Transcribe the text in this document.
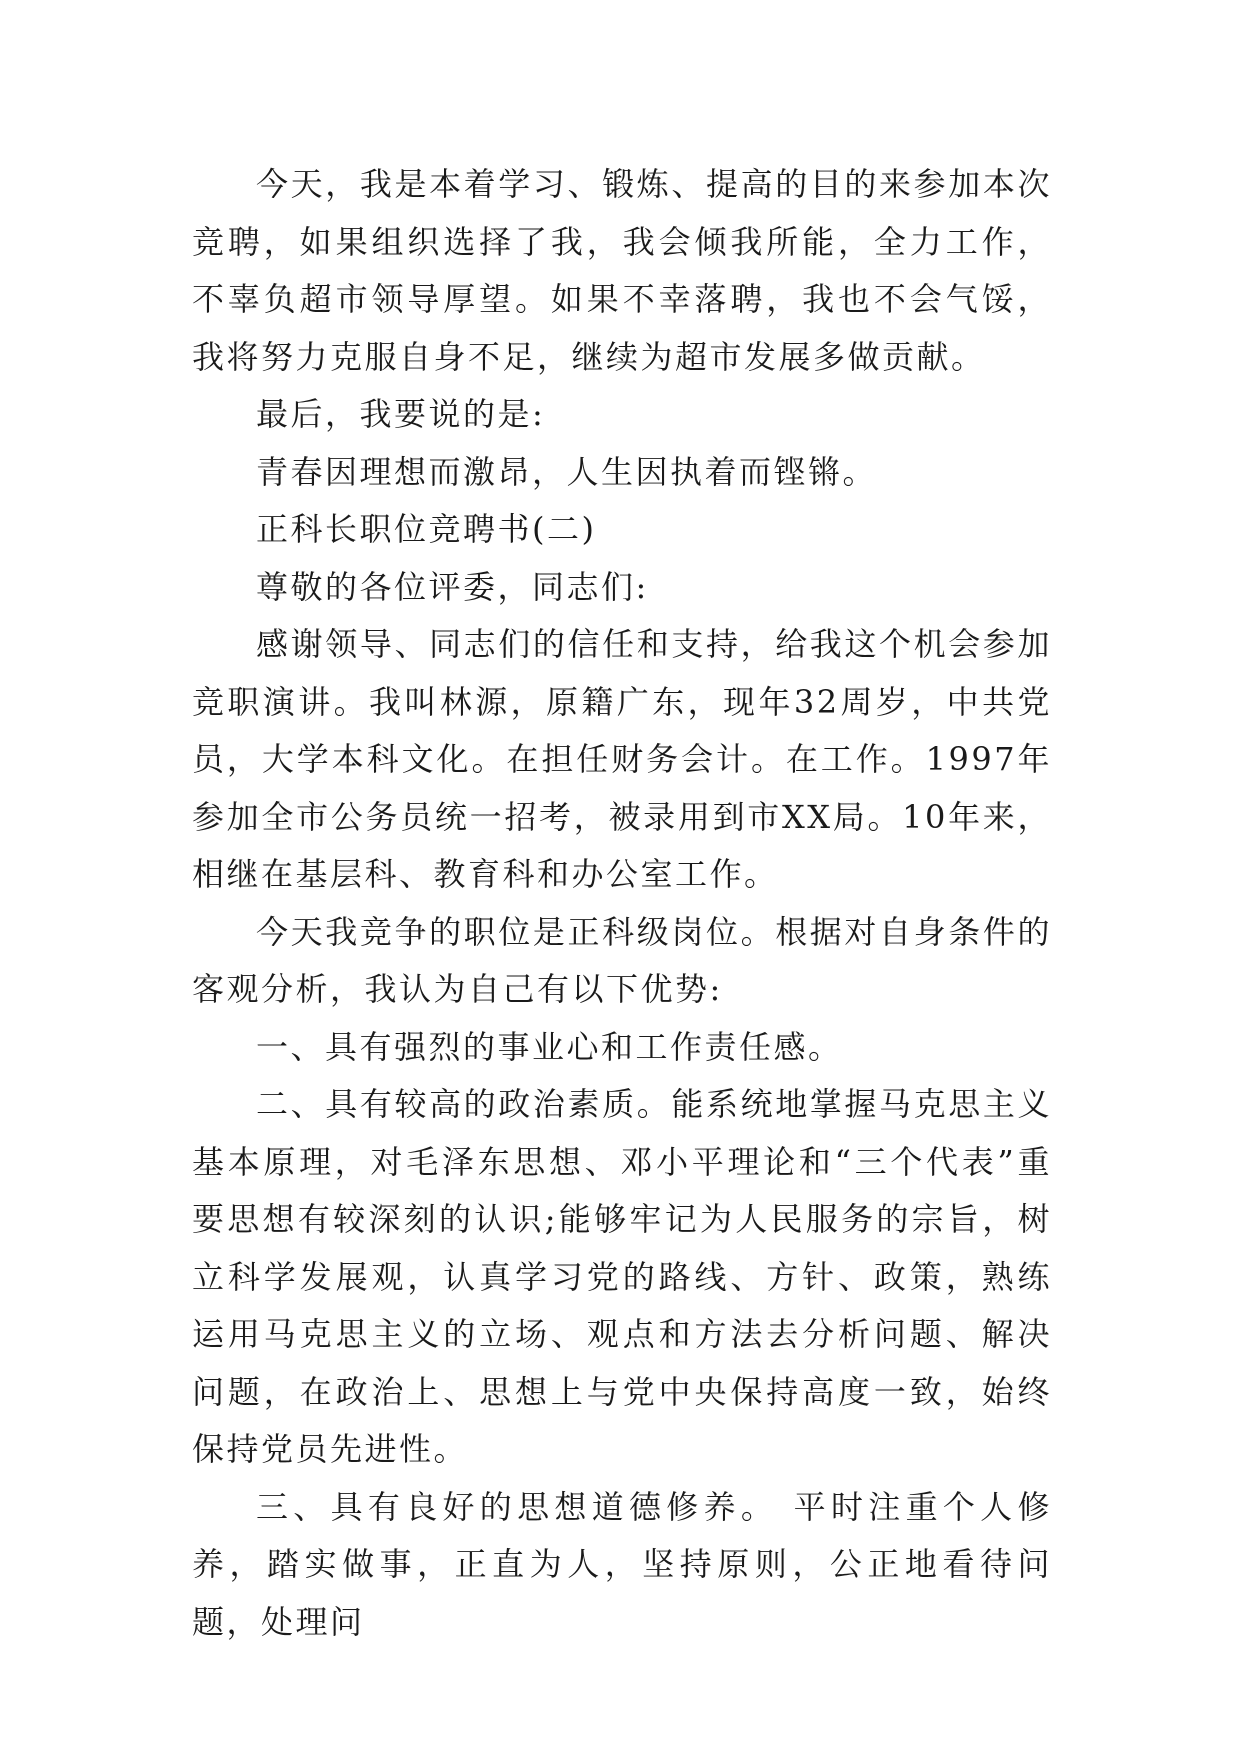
今天，我是本着学习、锻炼、提高的目的来参加本次竞聘，如果组织选择了我，我会倾我所能，全力工作，不辜负超市领导厚望。如果不幸落聘，我也不会气馁，我将努力克服自身不足，继续为超市发展多做贡献。

最后，我要说的是:

青春因理想而激昂，人生因执着而铿锵。

正科长职位竞聘书(二)

尊敬的各位评委，同志们:

感谢领导、同志们的信任和支持，给我这个机会参加竞职演讲。我叫林源，原籍广东，现年32周岁，中共党员，大学本科文化。在担任财务会计。在工作。1997年参加全市公务员统一招考，被录用到市XX局。10年来，相继在基层科、教育科和办公室工作。

今天我竞争的职位是正科级岗位。根据对自身条件的客观分析，我认为自己有以下优势:

一、具有强烈的事业心和工作责任感。

二、具有较高的政治素质。能系统地掌握马克思主义基本原理，对毛泽东思想、邓小平理论和“三个代表”重要思想有较深刻的认识;能够牢记为人民服务的宗旨，树立科学发展观，认真学习党的路线、方针、政策，熟练运用马克思主义的立场、观点和方法去分析问题、解决问题，在政治上、思想上与党中央保持高度一致，始终保持党员先进性。

三、具有良好的思想道德修养。 平时注重个人修养，踏实做事，正直为人，坚持原则，公正地看待问题，处理问
